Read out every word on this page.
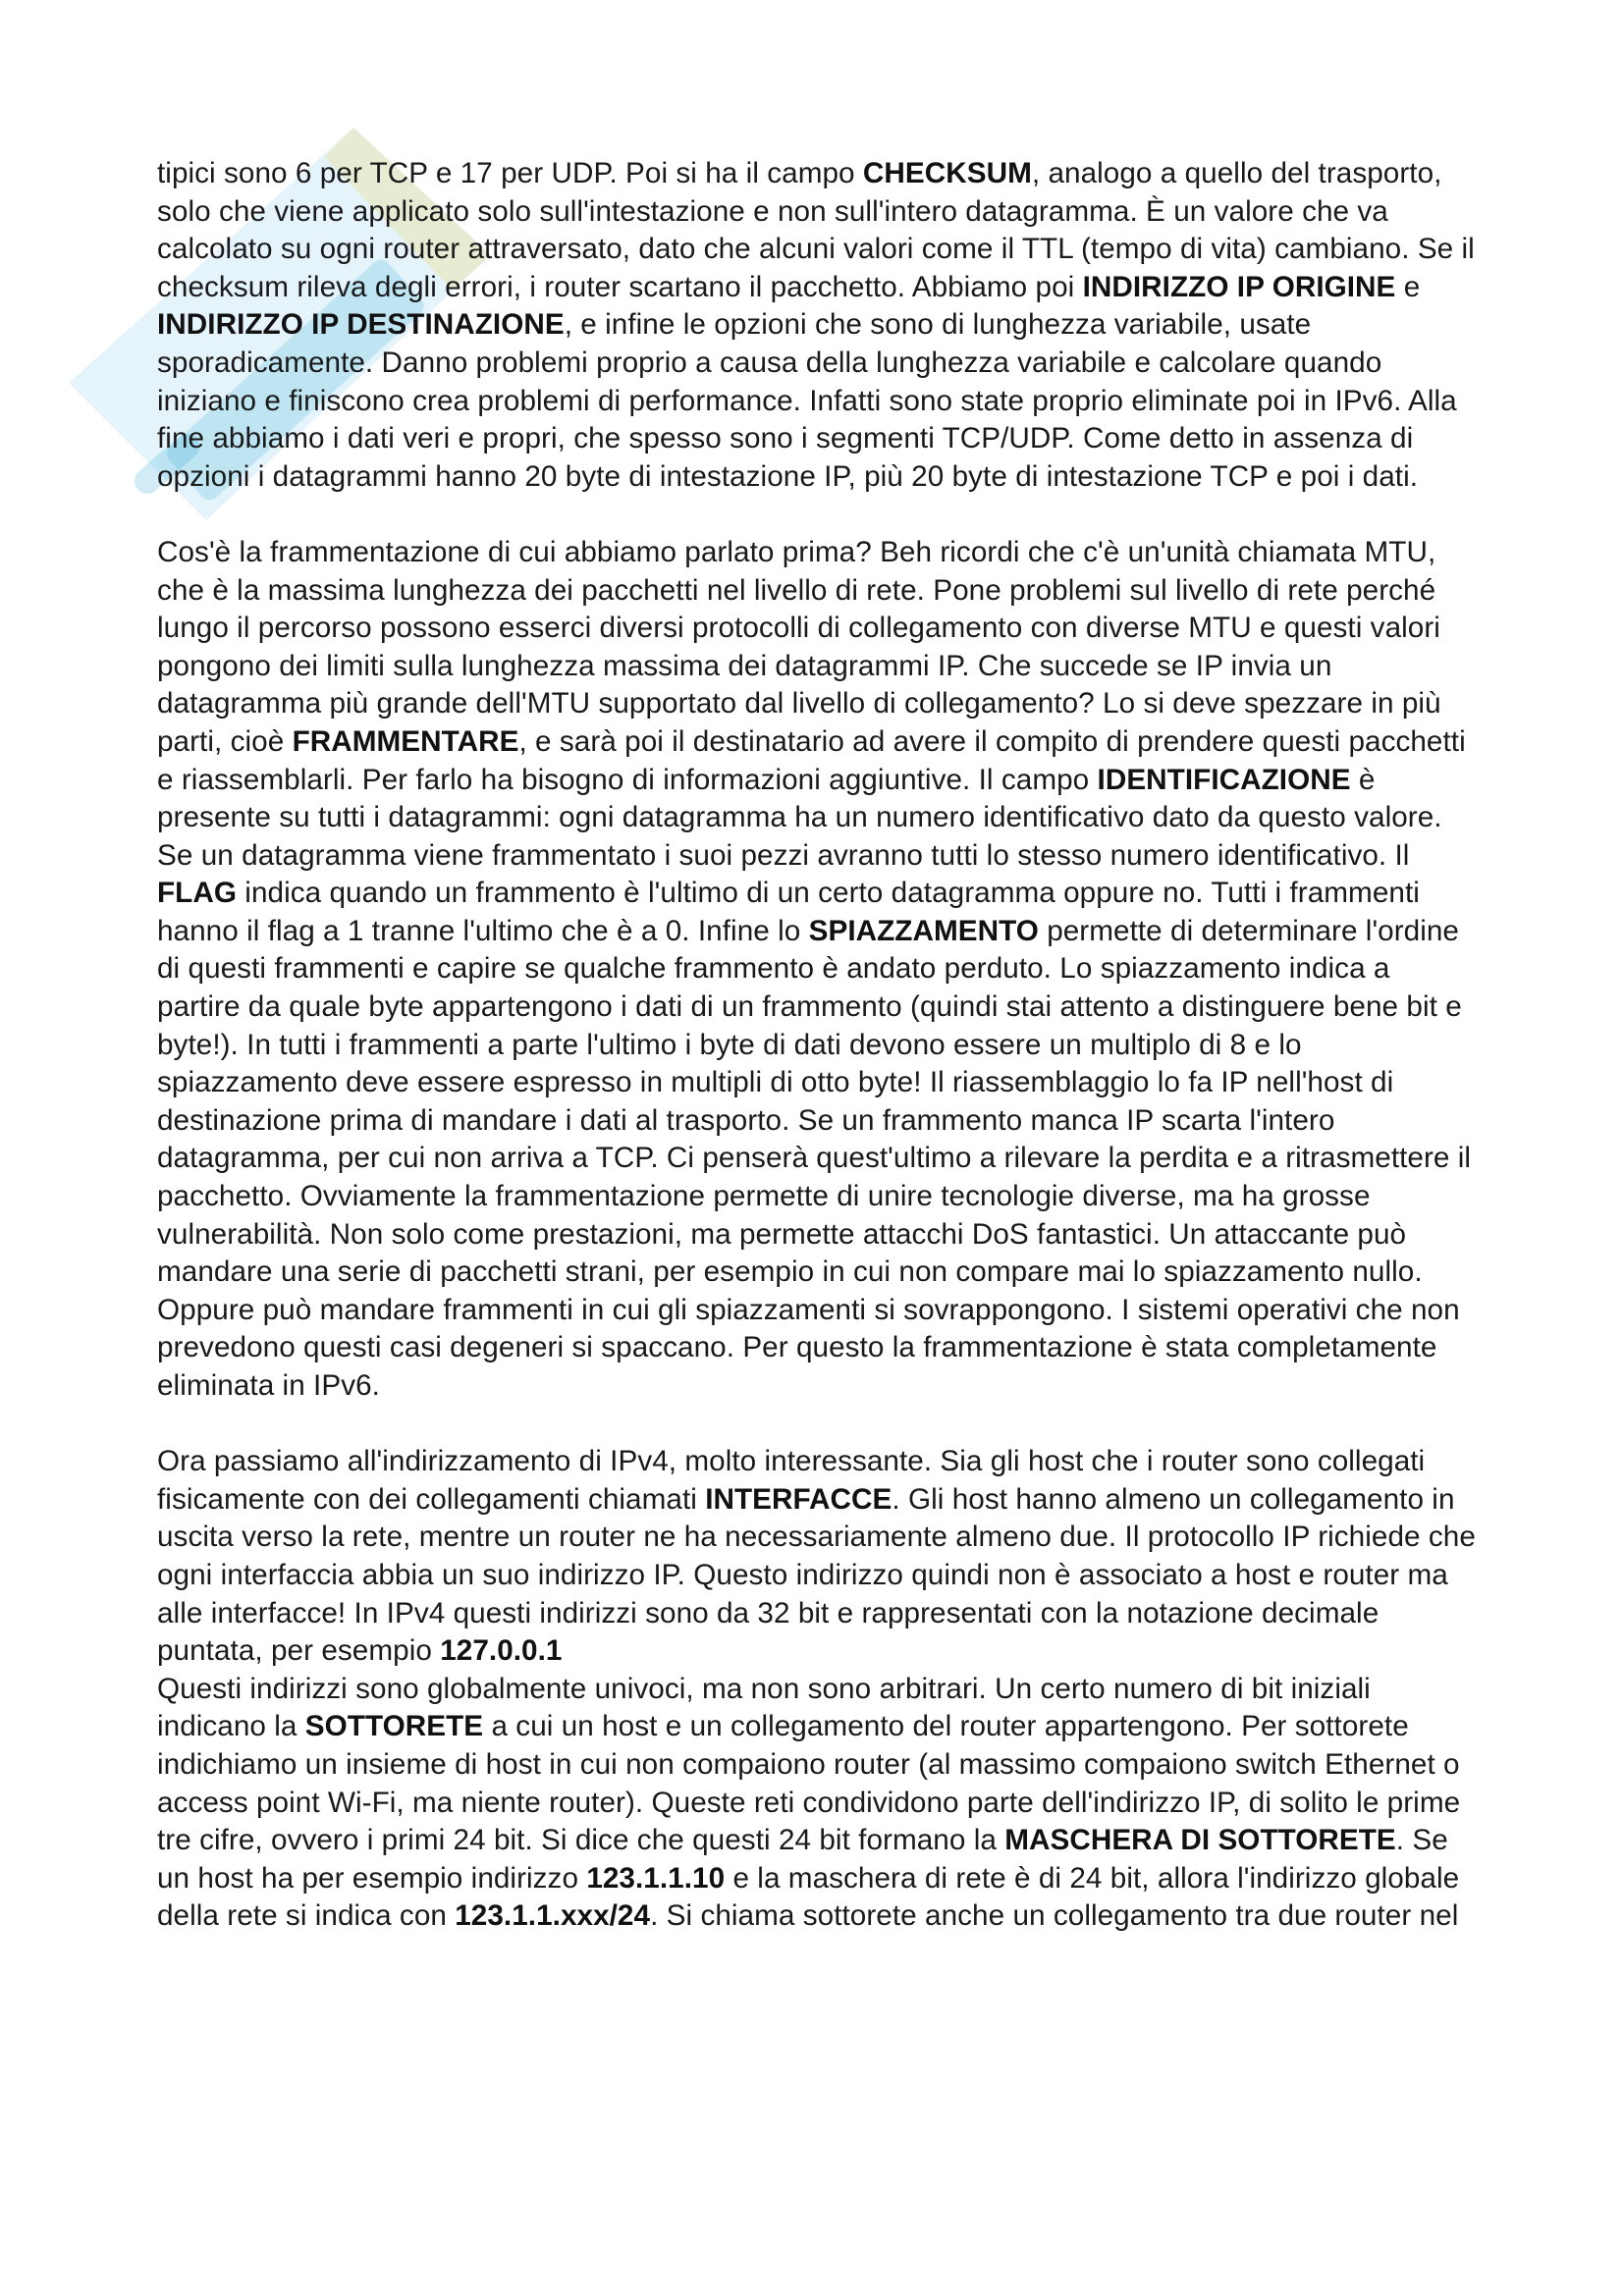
tipici sono 6 per TCP e 17 per UDP. Poi si ha il campo CHECKSUM, analogo a quello del trasporto, solo che viene applicato solo sull'intestazione e non sull'intero datagramma. È un valore che va calcolato su ogni router attraversato, dato che alcuni valori come il TTL (tempo di vita) cambiano. Se il checksum rileva degli errori, i router scartano il pacchetto. Abbiamo poi INDIRIZZO IP ORIGINE e INDIRIZZO IP DESTINAZIONE, e infine le opzioni che sono di lunghezza variabile, usate sporadicamente. Danno problemi proprio a causa della lunghezza variabile e calcolare quando iniziano e finiscono crea problemi di performance. Infatti sono state proprio eliminate poi in IPv6. Alla fine abbiamo i dati veri e propri, che spesso sono i segmenti TCP/UDP. Come detto in assenza di opzioni i datagrammi hanno 20 byte di intestazione IP, più 20 byte di intestazione TCP e poi i dati.

Cos'è la frammentazione di cui abbiamo parlato prima? Beh ricordi che c'è un'unità chiamata MTU, che è la massima lunghezza dei pacchetti nel livello di rete. Pone problemi sul livello di rete perché lungo il percorso possono esserci diversi protocolli di collegamento con diverse MTU e questi valori pongono dei limiti sulla lunghezza massima dei datagrammi IP. Che succede se IP invia un datagramma più grande dell'MTU supportato dal livello di collegamento? Lo si deve spezzare in più parti, cioè FRAMMENTARE, e sarà poi il destinatario ad avere il compito di prendere questi pacchetti e riassemblarli. Per farlo ha bisogno di informazioni aggiuntive. Il campo IDENTIFICAZIONE è presente su tutti i datagrammi: ogni datagramma ha un numero identificativo dato da questo valore. Se un datagramma viene frammentato i suoi pezzi avranno tutti lo stesso numero identificativo. Il FLAG indica quando un frammento è l'ultimo di un certo datagramma oppure no. Tutti i frammenti hanno il flag a 1 tranne l'ultimo che è a 0. Infine lo SPIAZZAMENTO permette di determinare l'ordine di questi frammenti e capire se qualche frammento è andato perduto. Lo spiazzamento indica a partire da quale byte appartengono i dati di un frammento (quindi stai attento a distinguere bene bit e byte!). In tutti i frammenti a parte l'ultimo i byte di dati devono essere un multiplo di 8 e lo spiazzamento deve essere espresso in multipli di otto byte! Il riassemblaggio lo fa IP nell'host di destinazione prima di mandare i dati al trasporto. Se un frammento manca IP scarta l'intero datagramma, per cui non arriva a TCP. Ci penserà quest'ultimo a rilevare la perdita e a ritrasmettere il pacchetto. Ovviamente la frammentazione permette di unire tecnologie diverse, ma ha grosse vulnerabilità. Non solo come prestazioni, ma permette attacchi DoS fantastici. Un attaccante può mandare una serie di pacchetti strani, per esempio in cui non compare mai lo spiazzamento nullo. Oppure può mandare frammenti in cui gli spiazzamenti si sovrappongono. I sistemi operativi che non prevedono questi casi degeneri si spaccano. Per questo la frammentazione è stata completamente eliminata in IPv6.

Ora passiamo all'indirizzamento di IPv4, molto interessante. Sia gli host che i router sono collegati fisicamente con dei collegamenti chiamati INTERFACCE. Gli host hanno almeno un collegamento in uscita verso la rete, mentre un router ne ha necessariamente almeno due. Il protocollo IP richiede che ogni interfaccia abbia un suo indirizzo IP. Questo indirizzo quindi non è associato a host e router ma alle interfacce! In IPv4 questi indirizzi sono da 32 bit e rappresentati con la notazione decimale puntata, per esempio 127.0.0.1
Questi indirizzi sono globalmente univoci, ma non sono arbitrari. Un certo numero di bit iniziali indicano la SOTTORETE a cui un host e un collegamento del router appartengono. Per sottorete indichiamo un insieme di host in cui non compaiono router (al massimo compaiono switch Ethernet o access point Wi-Fi, ma niente router). Queste reti condividono parte dell'indirizzo IP, di solito le prime tre cifre, ovvero i primi 24 bit. Si dice che questi 24 bit formano la MASCHERA DI SOTTORETE. Se un host ha per esempio indirizzo 123.1.1.10 e la maschera di rete è di 24 bit, allora l'indirizzo globale della rete si indica con 123.1.1.xxx/24. Si chiama sottorete anche un collegamento tra due router nel
